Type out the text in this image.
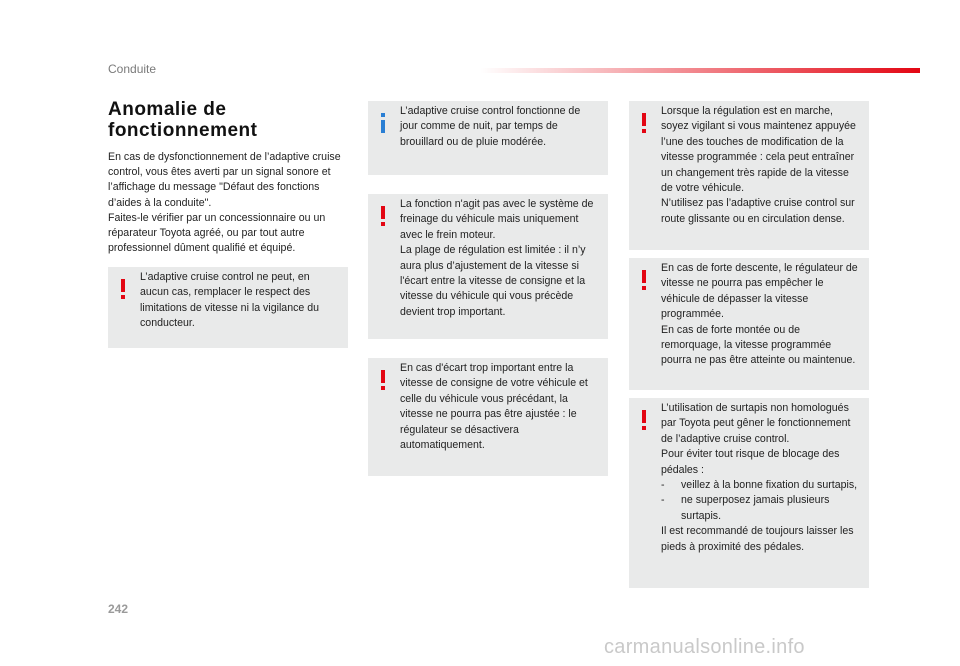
Conduite
Anomalie de fonctionnement

En cas de dysfonctionnement de l’adaptive cruise control, vous êtes averti par un signal sonore et l’affichage du message "Défaut des fonctions d’aides à la conduite".

Faites-le vérifier par un concessionnaire ou un réparateur Toyota agréé, ou par tout autre professionnel dûment qualifié et équipé.

L’adaptive cruise control ne peut, en aucun cas, remplacer le respect des limitations de vitesse ni la vigilance du conducteur.

L’adaptive cruise control fonctionne de jour comme de nuit, par temps de brouillard ou de pluie modérée.

La fonction n'agit pas avec le système de freinage du véhicule mais uniquement avec le frein moteur.

La plage de régulation est limitée : il n’y aura plus d’ajustement de la vitesse si l'écart entre la vitesse de consigne et la vitesse du véhicule qui vous précède devient trop important.

En cas d'écart trop important entre la vitesse de consigne de votre véhicule et celle du véhicule vous précédant, la vitesse ne pourra pas être ajustée : le régulateur se désactivera automatiquement.

Lorsque la régulation est en marche, soyez vigilant si vous maintenez appuyée l’une des touches de modification de la vitesse programmée : cela peut entraîner un changement très rapide de la vitesse de votre véhicule.

N’utilisez pas l’adaptive cruise control sur route glissante ou en circulation dense.

En cas de forte descente, le régulateur de vitesse ne pourra pas empêcher le véhicule de dépasser la vitesse programmée.

En cas de forte montée ou de remorquage, la vitesse programmée pourra ne pas être atteinte ou maintenue.

L’utilisation de surtapis non homologués par Toyota peut gêner le fonctionnement de l’adaptive cruise control.

Pour éviter tout risque de blocage des pédales :

- veillez à la bonne fixation du surtapis,

- ne superposez jamais plusieurs surtapis.

Il est recommandé de toujours laisser les pieds à proximité des pédales.

242
carmanualsonline.info
